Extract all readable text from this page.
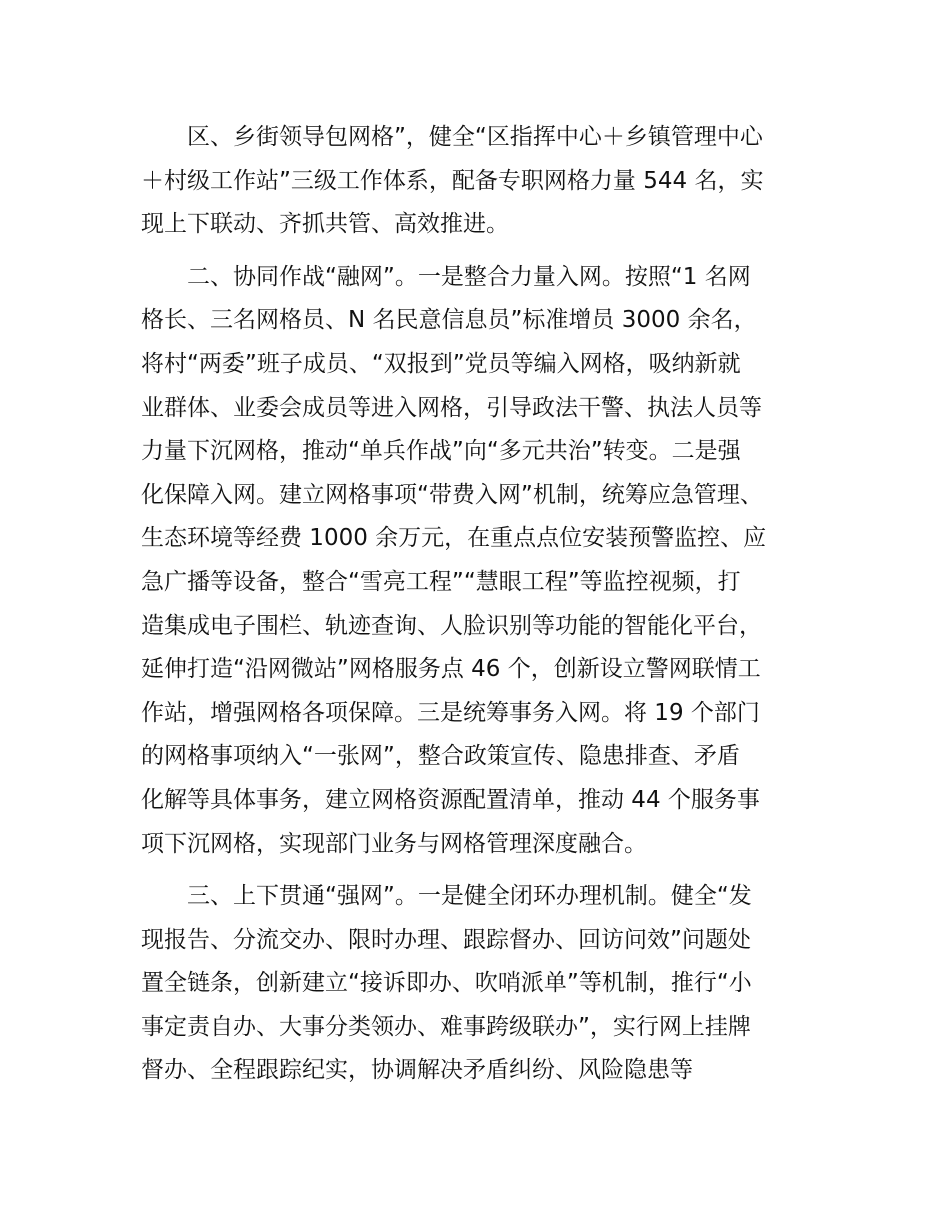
区、乡街领导包网格”，健全“区指挥中心＋乡镇管理中心
＋村级工作站”三级工作体系，配备专职网格力量 544 名，实
现上下联动、齐抓共管、高效推进。
二、协同作战“融网”。一是整合力量入网。按照“1 名网
格长、三名网格员、N 名民意信息员”标准增员 3000 余名，
将村“两委”班子成员、“双报到”党员等编入网格，吸纳新就
业群体、业委会成员等进入网格，引导政法干警、执法人员等
力量下沉网格，推动“单兵作战”向“多元共治”转变。二是强
化保障入网。建立网格事项“带费入网”机制，统筹应急管理、
生态环境等经费 1000 余万元，在重点点位安装预警监控、应
急广播等设备，整合“雪亮工程”“慧眼工程”等监控视频，打
造集成电子围栏、轨迹查询、人脸识别等功能的智能化平台，
延伸打造“沿网微站”网格服务点 46 个，创新设立警网联情工
作站，增强网格各项保障。三是统筹事务入网。将 19 个部门
的网格事项纳入“一张网”，整合政策宣传、隐患排查、矛盾
化解等具体事务，建立网格资源配置清单，推动 44 个服务事
项下沉网格，实现部门业务与网格管理深度融合。
三、上下贯通“强网”。一是健全闭环办理机制。健全“发
现报告、分流交办、限时办理、跟踪督办、回访问效”问题处
置全链条，创新建立“接诉即办、吹哨派单”等机制，推行“小
事定责自办、大事分类领办、难事跨级联办”，实行网上挂牌
督办、全程跟踪纪实，协调解决矛盾纠纷、风险隐患等
